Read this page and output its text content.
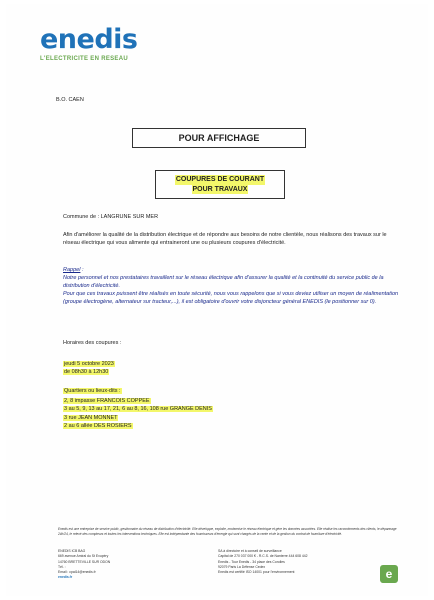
enedis
L'ELECTRICITE EN RESEAU
B.O. CAEN
POUR AFFICHAGE
COUPURES DE COURANT
POUR TRAVAUX
Commune de : LANGRUNE SUR MER
Afin d'améliorer la qualité de la distribution électrique et de répondre aux besoins de notre clientèle, nous réalisons des travaux sur le réseau électrique qui vous alimente qui entraineront une ou plusieurs coupures d'électricité.
Rappel :
Notre personnel et nos prestataires travaillent sur le réseau électrique afin d'assurer la qualité et la continuité du service public de la distribution d'électricité.
Pour que ces travaux puissent être réalisés en toute sécurité, nous vous rappelons que si vous deviez utiliser un moyen de réalimentation (groupe électrogène, alternateur sur tracteur,...), il est obligatoire d'ouvrir votre disjoncteur général ENEDIS (le positionner sur 0).
Horaires des coupures :
jeudi 5 octobre 2023
de 08h30 à 12h30
Quartiers ou lieux-dits :
2, 8 impasse FRANCOIS COPPEE
3 au 5, 9, 13 au 17, 21, 6 au 8, 16, 108 rue GRANGE DENIS
3 rue JEAN MONNET
2 au 6 allée DES ROSIERS
Enedis est une entreprise de service public, gestionnaire du réseau de distribution d'électricité. Elle développe, exploite, modernise le réseau électrique et gère les données associées. Elle réalise les raccordements des clients, le dépannage 24h/24, le relevé des compteurs et toutes les interventions techniques. Elle est indépendante des fournisseurs d'énergie qui sont chargés de la vente et de la gestion du contrat de fourniture d'électricité.
ENEDIS ICB BAG
669 avenue Amiral du St Exupéry
14760 BRETTEVILLE SUR ODON
Tél. :
Email : cpal14@enedis.fr
enedis.fr
SA à directoire et à conseil de surveillance
Capital de 270 037 000 € - R.C.S. de Nanterre 444 608 442
Enedis - Tour Enedis - 34 place des Corolles
92079 Paris La Défense Cedex
Enedis est certifié ISO 14001 pour l'environnement	e
